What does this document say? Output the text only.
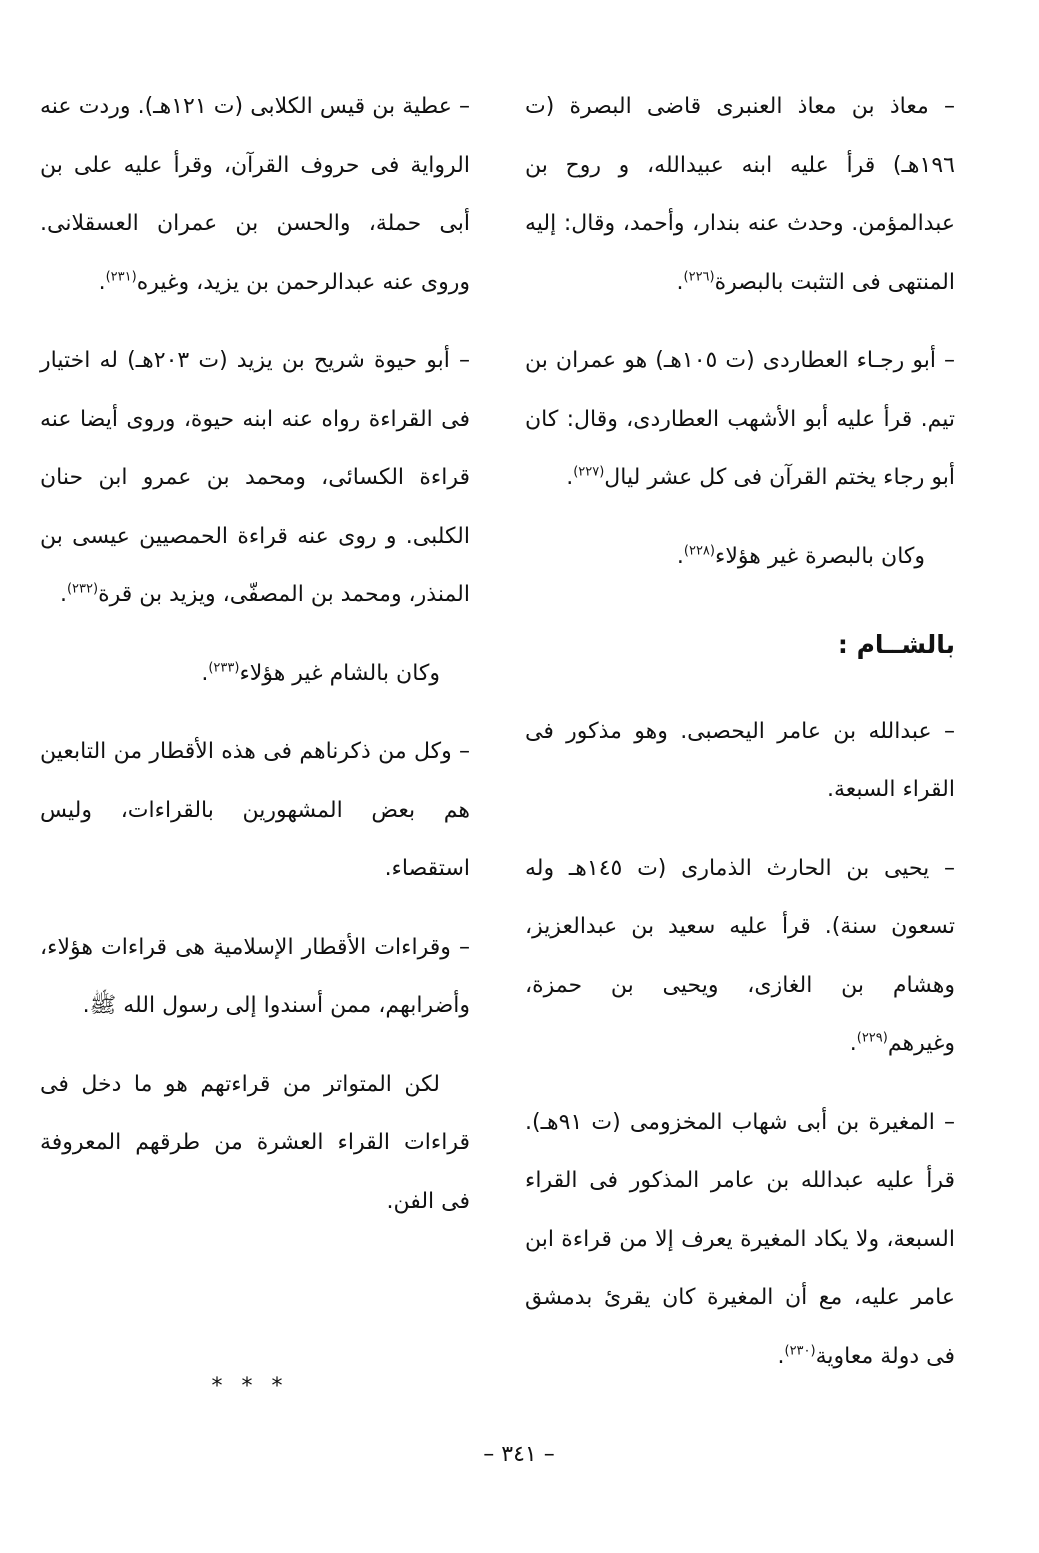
– معاذ بن معاذ العنبرى قاضى البصرة (ت ١٩٦هـ) قرأ عليه ابنه عبيدالله، و روح بن عبدالمؤمن. وحدث عنه بندار، وأحمد، وقال: إليه المنتهى فى التثبت بالبصرة$^{(٢٢٦)}$.

– أبو رجـاء العطاردى (ت ١٠٥هـ) هو عمران بن تيم. قرأ عليه أبو الأشهب العطاردى، وقال: كان أبو رجاء يختم القرآن فى كل عشر ليال$^{(٢٢٧)}$.

وكان بالبصرة غير هؤلاء$^{(٢٢٨)}$.

بالشــام :

– عبدالله بن عامر اليحصبى. وهو مذكور فى القراء السبعة.

– يحيى بن الحارث الذمارى (ت ١٤٥هـ وله تسعون سنة). قرأ عليه سعيد بن عبدالعزيز، وهشام بن الغازى، ويحيى بن حمزة، وغيرهم$^{(٢٢٩)}$.

– المغيرة بن أبى شهاب المخزومى (ت ٩١هـ). قرأ عليه عبدالله بن عامر المذكور فى القراء السبعة، ولا يكاد المغيرة يعرف إلا من قراءة ابن عامر عليه، مع أن المغيرة كان يقرئ بدمشق فى دولة معاوية$^{(٢٣٠)}$.

– عطية بن قيس الكلابى (ت ١٢١هـ). وردت عنه الرواية فى حروف القرآن، وقرأ عليه على بن أبى حملة، والحسن بن عمران العسقلانى. وروى عنه عبدالرحمن بن يزيد، وغيره$^{(٢٣١)}$.

– أبو حيوة شريح بن يزيد (ت ٢٠٣هـ) له اختيار فى القراءة رواه عنه ابنه حيوة، وروى أيضا عنه قراءة الكسائى، ومحمد بن عمرو ابن حنان الكلبى. و روى عنه قراءة الحمصيين عيسى بن المنذر، ومحمد بن المصفّى، ويزيد بن قرة$^{(٢٣٢)}$.

وكان بالشام غير هؤلاء$^{(٢٣٣)}$.

– وكل من ذكرناهم فى هذه الأقطار من التابعين هم بعض المشهورين بالقراءات، وليس استقصاء.

– وقراءات الأقطار الإسلامية هى قراءات هؤلاء، وأضرابهم، ممن أسندوا إلى رسول الله ﷺ.

لكن المتواتر من قراءتهم هو ما دخل فى قراءات القراء العشرة من طرقهم المعروفة فى الفن.

* * *
– ٣٤١ –
